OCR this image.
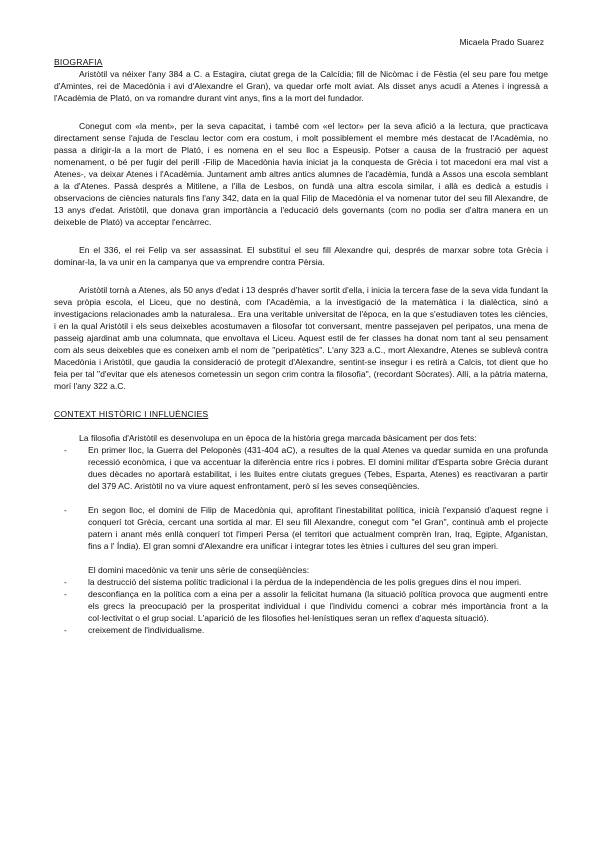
Micaela Prado Suarez
BIOGRAFIA

Aristòtil va néixer l'any 384 a C. a Estagira, ciutat grega de la Calcídia; fill de Nicòmac i de Fèstia (el seu pare fou metge d'Amintes, rei de Macedònia i avi d'Alexandre el Gran), va quedar orfe molt aviat. Als disset anys acudí a Atenes i ingressà a l'Acadèmia de Plató, on va romandre durant vint anys, fins a la mort del fundador.

Conegut com «la ment», per la seva capacitat, i també com «el lector» per la seva afició a la lectura, que practicava directament sense l'ajuda de l'esclau lector com era costum, i molt possiblement el membre més destacat de l'Acadèmia, no passa a dirigir-la a la mort de Plató, i es nomena en el seu lloc a Espeusip. Potser a causa de la frustració per aquest nomenament, o bé per fugir del perill -Filip de Macedònia havia iniciat ja la conquesta de Grècia i tot macedoni era mal vist a Atenes-, va deixar Atenes i l'Acadèmia. Juntament amb altres antics alumnes de l'acadèmia, fundà a Assos una escola semblant a la d'Atenes. Passà després a Mitilene, a l'illa de Lesbos, on fundà una altra escola similar, i allà es dedicà a estudis i observacions de ciències naturals fins l'any 342, data en la qual Filip de Macedònia el va nomenar tutor del seu fill Alexandre, de 13 anys d'edat. Aristòtil, que donava gran importància a l'educació dels governants (com no podia ser d'altra manera en un deixeble de Plató) va acceptar l'encàrrec.

En el 336, el rei Felip va ser assassinat. El substituí el seu fill Alexandre qui, després de marxar sobre tota Grècia i dominar-la, la va unir en la campanya que va emprendre contra Pèrsia.

Aristòtil tornà a Atenes, als 50 anys d'edat i 13 després d'haver sortit d'ella, i inicia la tercera fase de la seva vida fundant la seva pròpia escola, el Liceu, que no destinà, com l'Acadèmia, a la investigació de la matemàtica i la dialèctica, sinó a investigacions relacionades amb la naturalesa.. Era una veritable universitat de l'època, en la que s'estudiaven totes les ciències, i en la qual Aristòtil i els seus deixebles acostumaven a filosofar tot conversant, mentre passejaven pel peripatos, una mena de passeig ajardinat amb una columnata, que envoltava el Liceu. Aquest estil de fer classes ha donat nom tant al seu pensament com als seus deixebles que es coneixen amb el nom de "peripatètics". L'any 323 a.C., mort Alexandre, Atenes se sublevà contra Macedònia i Aristòtil, que gaudia la consideració de protegit d'Alexandre, sentint-se insegur i es retirà a Calcis, tot dient que ho feia per tal "d'evitar que els atenesos cometessin un segon crim contra la filosofia", (recordant Sòcrates). Allí, a la pàtria materna, morí l'any 322 a.C.

CONTEXT HISTÒRIC I INFLUÈNCIES

La filosofia d'Aristòtil es desenvolupa en un època de la història grega marcada bàsicament per dos fets:

- En primer lloc, la Guerra del Peloponès (431-404 aC), a resultes de la qual Atenes va quedar sumida en una profunda recessió econòmica, i que va accentuar la diferència entre rics i pobres. El domini militar d'Esparta sobre Grècia durant dues dècades no aportarà estabilitat, i les lluites entre ciutats gregues (Tebes, Esparta, Atenes) es reactivaran a partir del 379 AC. Aristòtil no va viure aquest enfrontament, però sí les seves conseqüències.
- En segon lloc, el domini de Filip de Macedònia qui, aprofitant l'inestabilitat política, inicià l'expansió d'aquest regne i conquerí tot Grècia, cercant una sortida al mar. El seu fill Alexandre, conegut com "el Gran", continuà amb el projecte patern i anant més enllà conquerí tot l'imperi Persa (el territori que actualment comprèn Iran, Iraq, Egipte, Afganistan, fins a l' Índia). El gran somni d'Alexandre era unificar i integrar totes les ètnies i cultures del seu gran imperi.

El domini macedònic va tenir uns sèrie de conseqüències:

- la destrucció del sistema polític tradicional i la pèrdua de la independència de les polis gregues dins el nou imperi.
- desconfiança en la política com a eina per a assolir la felicitat humana (la situació política provoca que augmenti entre els grecs la preocupació per la prosperitat individual i que l'individu comenci a cobrar més importància front a la col·lectivitat o el grup social. L'aparició de les filosofies hel·lenístiques seran un reflex d'aquesta situació).
- creixement de l'individualisme.
